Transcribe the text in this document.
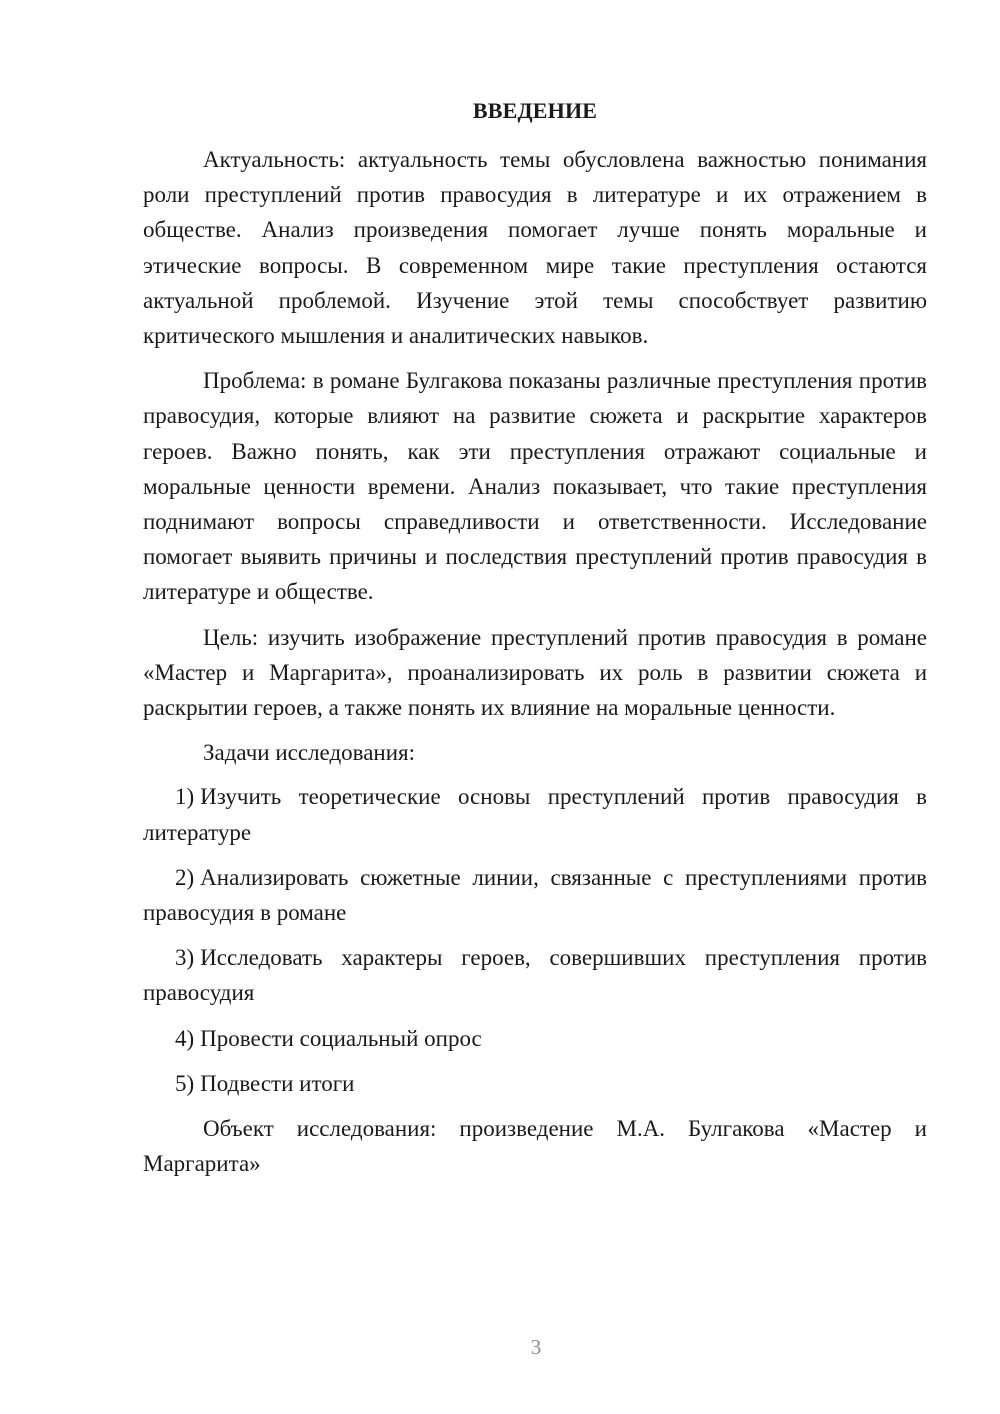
ВВЕДЕНИЕ

Актуальность: актуальность темы обусловлена важностью понимания роли преступлений против правосудия в литературе и их отражением в обществе. Анализ произведения помогает лучше понять моральные и этические вопросы. В современном мире такие преступления остаются актуальной проблемой. Изучение этой темы способствует развитию критического мышления и аналитических навыков.

Проблема: в романе Булгакова показаны различные преступления против правосудия, которые влияют на развитие сюжета и раскрытие характеров героев. Важно понять, как эти преступления отражают социальные и моральные ценности времени. Анализ показывает, что такие преступления поднимают вопросы справедливости и ответственности. Исследование помогает выявить причины и последствия преступлений против правосудия в литературе и обществе.

Цель: изучить изображение преступлений против правосудия в романе «Мастер и Маргарита», проанализировать их роль в развитии сюжета и раскрытии героев, а также понять их влияние на моральные ценности.

Задачи исследования:

1) Изучить теоретические основы преступлений против правосудия в литературе

2) Анализировать сюжетные линии, связанные с преступлениями против правосудия в романе

3) Исследовать характеры героев, совершивших преступления против правосудия

4) Провести социальный опрос

5) Подвести итоги

Объект исследования: произведение М.А. Булгакова «Мастер и Маргарита»

3
